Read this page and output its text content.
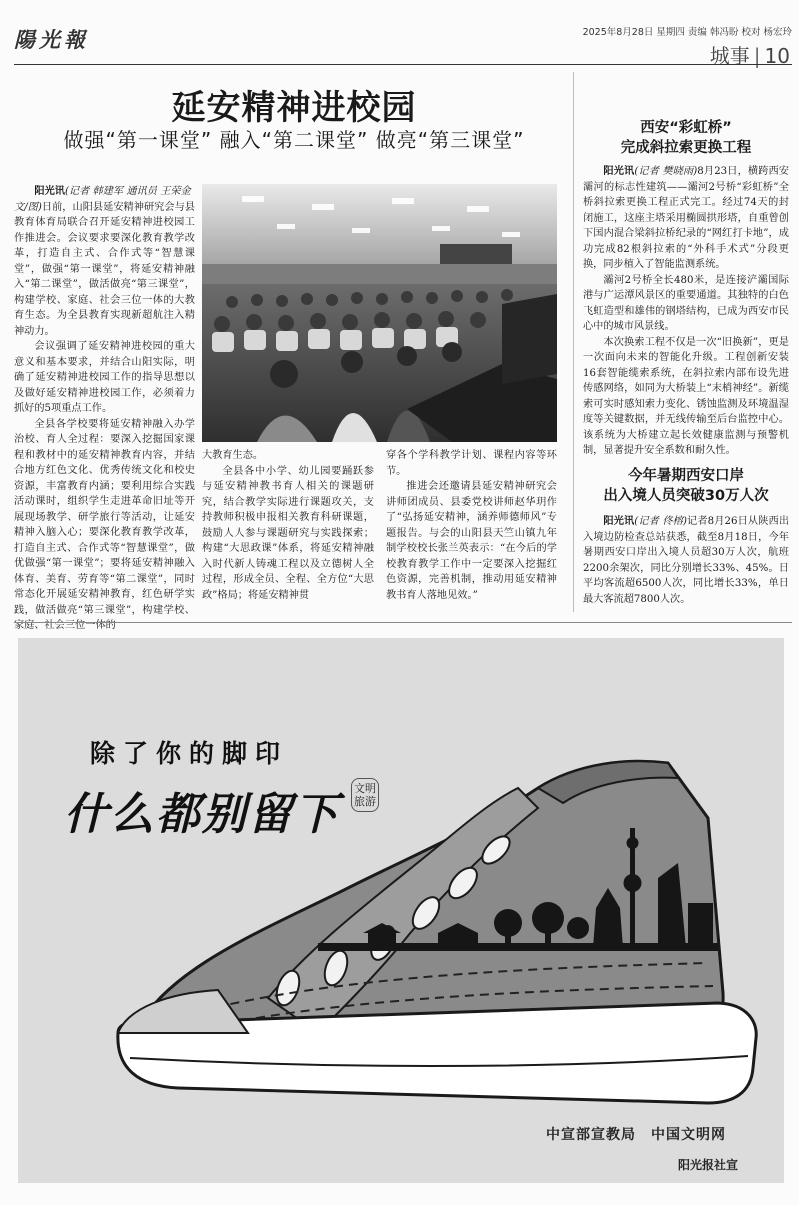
陽光報	2025年8月28日 星期四 责编 韩冯盼 校对 杨宏玲
城事 | 10
延安精神进校园
做强“第一课堂” 融入“第二课堂” 做亮“第三课堂”

阳光讯(记者 韩建军 通讯员 王荣金
文/图)日前，山阳县延安精神研究会与县教育体育局联合召开延安精神进校园工作推进会。会议要求要深化教育教学改革，打造自主式、合作式等“智慧课堂”，做强“第一课堂”，将延安精神融入“第二课堂”，做活做亮“第三课堂”，构建学校、家庭、社会三位一体的大教育生态。为全县教育实现新超航注入精神动力。

会议强调了延安精神进校园的重大意义和基本要求，并结合山阳实际，明确了延安精神进校园工作的指导思想以及做好延安精神进校园工作，必须着力抓好的5项重点工作。

全县各学校要将延安精神融入办学治校、育人全过程：要深入挖掘国家课程和教材中的延安精神教育内容，并结合地方红色文化、优秀传统文化和校史资源，丰富教育内涵；要利用综合实践活动课时，组织学生走进革命旧址等开展现场教学、研学旅行等活动，让延安精神入脑入心；要深化教育教学改革，打造自主式、合作式等“智慧课堂”，做优做强“第一课堂”；要将延安精神融入体育、美育、劳育等“第二课堂”，同时常态化开展延安精神教育，红色研学实践，做活做亮“第三课堂”，构建学校、家庭、社会三位一体的

大教育生态。

全县各中小学、幼儿园要踊跃参与延安精神教书育人相关的课题研究，结合教学实际进行课题攻关，支持教师积极申报相关教育科研课题，鼓励人人参与课题研究与实践探索；构建“大思政课”体系，将延安精神融入时代新人铸魂工程以及立德树人全过程，形成全员、全程、全方位“大思政”格局；将延安精神贯

穿各个学科教学计划、课程内容等环节。

推进会还邀请县延安精神研究会讲师团成员、县委党校讲师赵华玥作了“弘扬延安精神，涵养师德师风”专题报告。与会的山阳县天竺山镇九年制学校校长张兰英表示：“在今后的学校教育教学工作中一定要深入挖掘红色资源，完善机制，推动用延安精神教书育人落地见效。”

西安“彩虹桥”
完成斜拉索更换工程

阳光讯(记者 樊晓雨)8月23日，横跨西安灞河的标志性建筑——灞河2号桥“彩虹桥”全桥斜拉索更换工程正式完工。经过74天的封闭施工，这座主塔采用椭圆拱形塔，自重曾创下国内混合梁斜拉桥纪录的“网红打卡地”，成功完成82根斜拉索的“外科手术式”分段更换，同步植入了智能监测系统。

灞河2号桥全长480米，是连接浐灞国际港与广运潭风景区的重要通道。其独特的白色飞虹造型和雄伟的钢塔结构，已成为西安市民心中的城市风景线。

本次换索工程不仅是一次“旧换新”，更是一次面向未来的智能化升级。工程创新安装16套智能缆索系统，在斜拉索内部布设先进传感网络，如同为大桥装上“末梢神经”。新缆索可实时感知索力变化、锈蚀监测及环境温湿度等关键数据，并无线传输至后台监控中心。该系统为大桥建立起长效健康监测与预警机制，显著提升安全系数和耐久性。

今年暑期西安口岸
出入境人员突破30万人次

阳光讯(记者 佟榕)记者8月26日从陕西出入境边防检查总站获悉，截至8月18日，今年暑期西安口岸出入境人员超30万人次，航班2200余架次，同比分别增长33%、45%。日平均客流超6500人次，同比增长33%，单日最大客流超7800人次。

除了你的脚印
什么都别留下
文明旅游
中宣部宣教局　中国文明网
阳光报社宣
